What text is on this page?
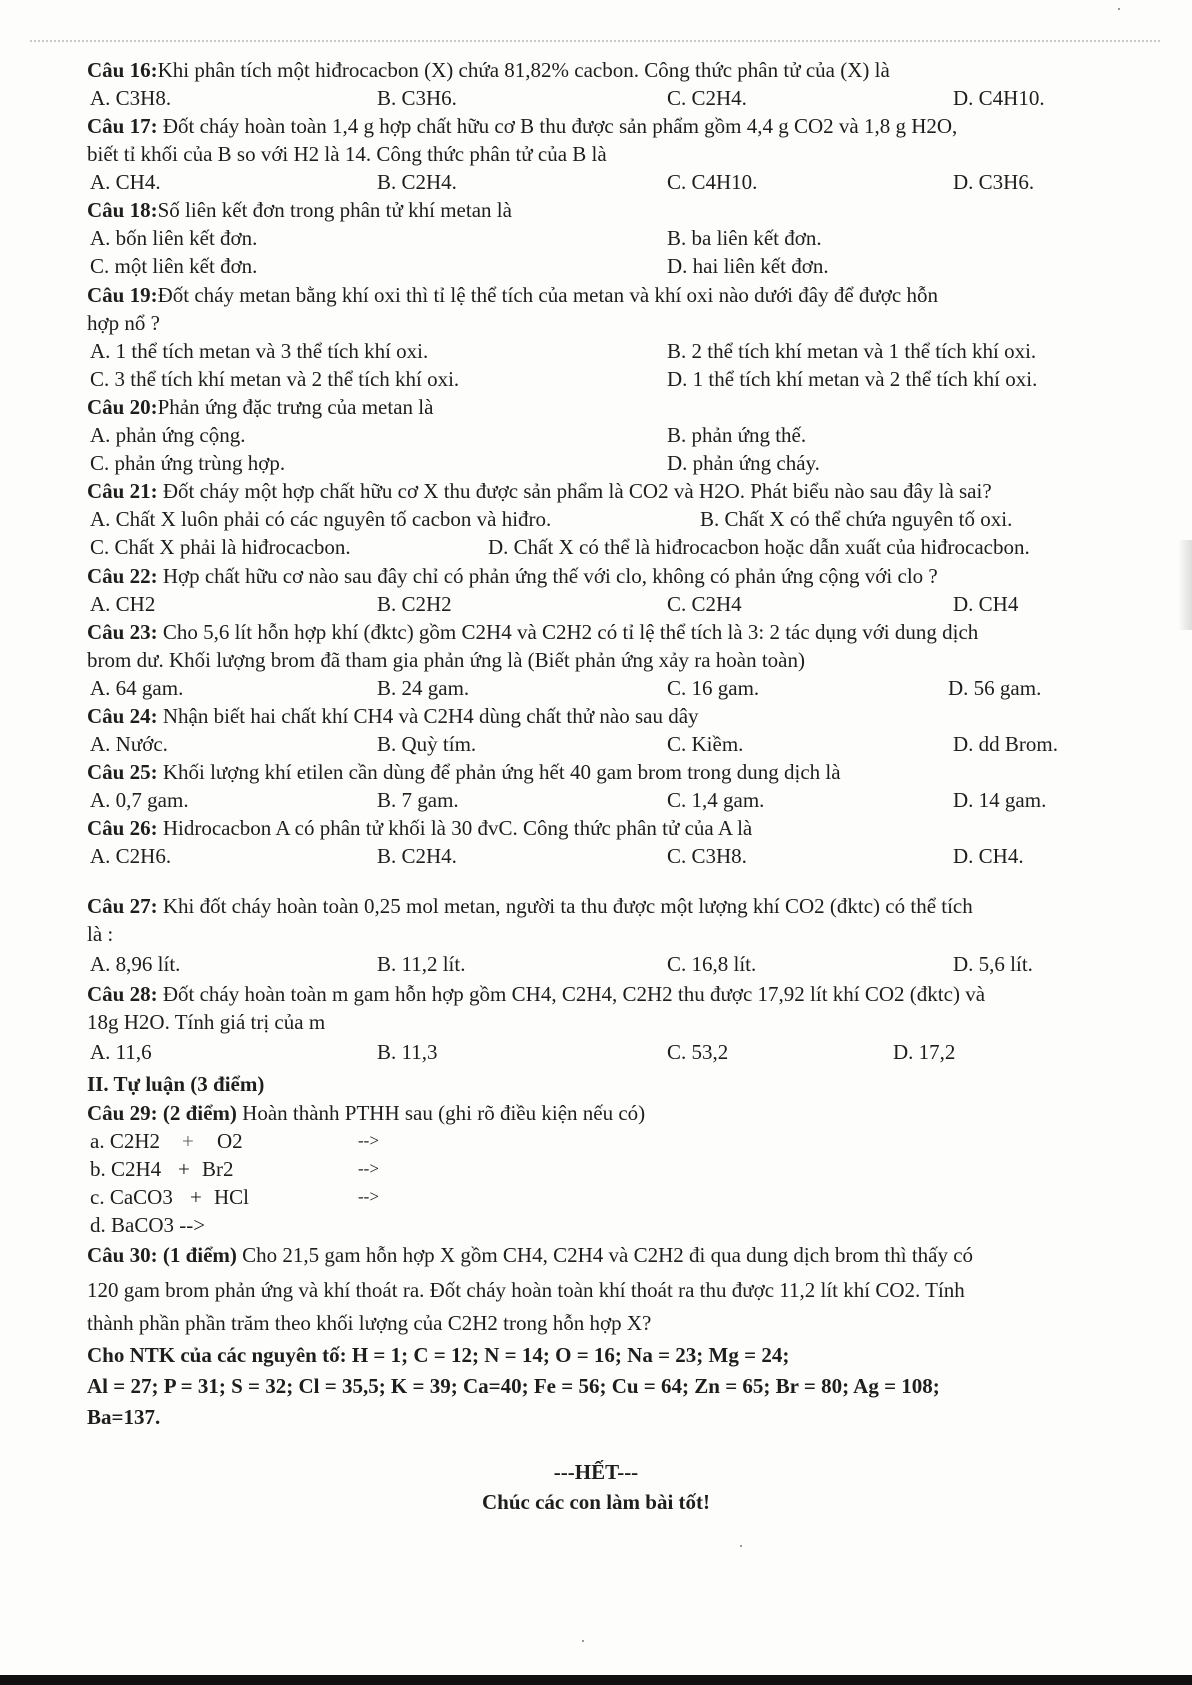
Câu 16:Khi phân tích một hiđrocacbon (X) chứa 81,82% cacbon. Công thức phân tử của (X) là
A. C3H8.	B. C3H6.	C. C2H4.	D. C4H10.
Câu 17: Đốt cháy hoàn toàn 1,4 g hợp chất hữu cơ B thu được sản phẩm gồm 4,4 g CO2 và 1,8 g H2O,
biết tỉ khối của B so với H2 là 14. Công thức phân tử của B là
A. CH4.	B. C2H4.	C. C4H10.	D. C3H6.
Câu 18:Số liên kết đơn trong phân tử khí metan là
A. bốn liên kết đơn.	B. ba liên kết đơn.
C. một liên kết đơn.	D. hai liên kết đơn.
Câu 19:Đốt cháy metan bằng khí oxi thì tỉ lệ thể tích của metan và khí oxi nào dưới đây để được hỗn
hợp nổ ?
A. 1 thể tích metan và 3 thể tích khí oxi.	B. 2 thể tích khí metan và 1 thể tích khí oxi.
C. 3 thể tích khí metan và 2 thể tích khí oxi.	D. 1 thể tích khí metan và 2 thể tích khí oxi.
Câu 20:Phản ứng đặc trưng của metan là
A. phản ứng cộng.	B. phản ứng thế.
C. phản ứng trùng hợp.	D. phản ứng cháy.
Câu 21: Đốt cháy một hợp chất hữu cơ X thu được sản phẩm là CO2 và H2O. Phát biểu nào sau đây là sai?
A. Chất X luôn phải có các nguyên tố cacbon và hiđro.	B. Chất X có thể chứa nguyên tố oxi.
C. Chất X phải là hiđrocacbon.	D. Chất X có thể là hiđrocacbon hoặc dẫn xuất của hiđrocacbon.
Câu 22: Hợp chất hữu cơ nào sau đây chỉ có phản ứng thế với clo, không có phản ứng cộng với clo ?
A. CH2	B. C2H2	C. C2H4	D. CH4
Câu 23: Cho 5,6 lít hỗn hợp khí (đktc) gồm C2H4 và C2H2 có tỉ lệ thể tích là 3: 2 tác dụng với dung dịch
brom dư. Khối lượng brom đã tham gia phản ứng là (Biết phản ứng xảy ra hoàn toàn)
A. 64 gam.	B. 24 gam.	C. 16 gam.	D. 56 gam.
Câu 24: Nhận biết hai chất khí CH4 và C2H4 dùng chất thử nào sau dây
A. Nước.	B. Quỳ tím.	C. Kiềm.	D. dd Brom.
Câu 25: Khối lượng khí etilen cần dùng để phản ứng hết 40 gam brom trong dung dịch là
A. 0,7 gam.	B. 7 gam.	C. 1,4 gam.	D. 14 gam.
Câu 26: Hidrocacbon A có phân tử khối là 30 đvC. Công thức phân tử của A là
A. C2H6.	B. C2H4.	C. C3H8.	D. CH4.
Câu 27: Khi đốt cháy hoàn toàn 0,25 mol metan, người ta thu được một lượng khí CO2 (đktc) có thể tích
là :
A. 8,96 lít.	B. 11,2 lít.	C. 16,8 lít.	D. 5,6 lít.
Câu 28: Đốt cháy hoàn toàn m gam hỗn hợp gồm CH4, C2H4, C2H2 thu được 17,92 lít khí CO2 (đktc) và
18g H2O. Tính giá trị của m
A. 11,6	B. 11,3	C. 53,2	D. 17,2
II. Tự luận (3 điểm)
Câu 29: (2 điểm) Hoàn thành PTHH sau (ghi rõ điều kiện nếu có)
a. C2H2 + O2	-->
b. C2H4 + Br2	-->
c. CaCO3 + HCl	-->
d. BaCO3 -->
Câu 30: (1 điểm) Cho 21,5 gam hỗn hợp X gồm CH4, C2H4 và C2H2 đi qua dung dịch brom thì thấy có
120 gam brom phản ứng và khí thoát ra. Đốt cháy hoàn toàn khí thoát ra thu được 11,2 lít khí CO2. Tính
thành phần phần trăm theo khối lượng của C2H2 trong hỗn hợp X?
Cho NTK của các nguyên tố: H = 1; C = 12; N = 14; O = 16; Na = 23; Mg = 24;
Al = 27; P = 31; S = 32; Cl = 35,5; K = 39; Ca=40; Fe = 56; Cu = 64; Zn = 65; Br = 80; Ag = 108;
Ba=137.
---HẾT---
Chúc các con làm bài tốt!
